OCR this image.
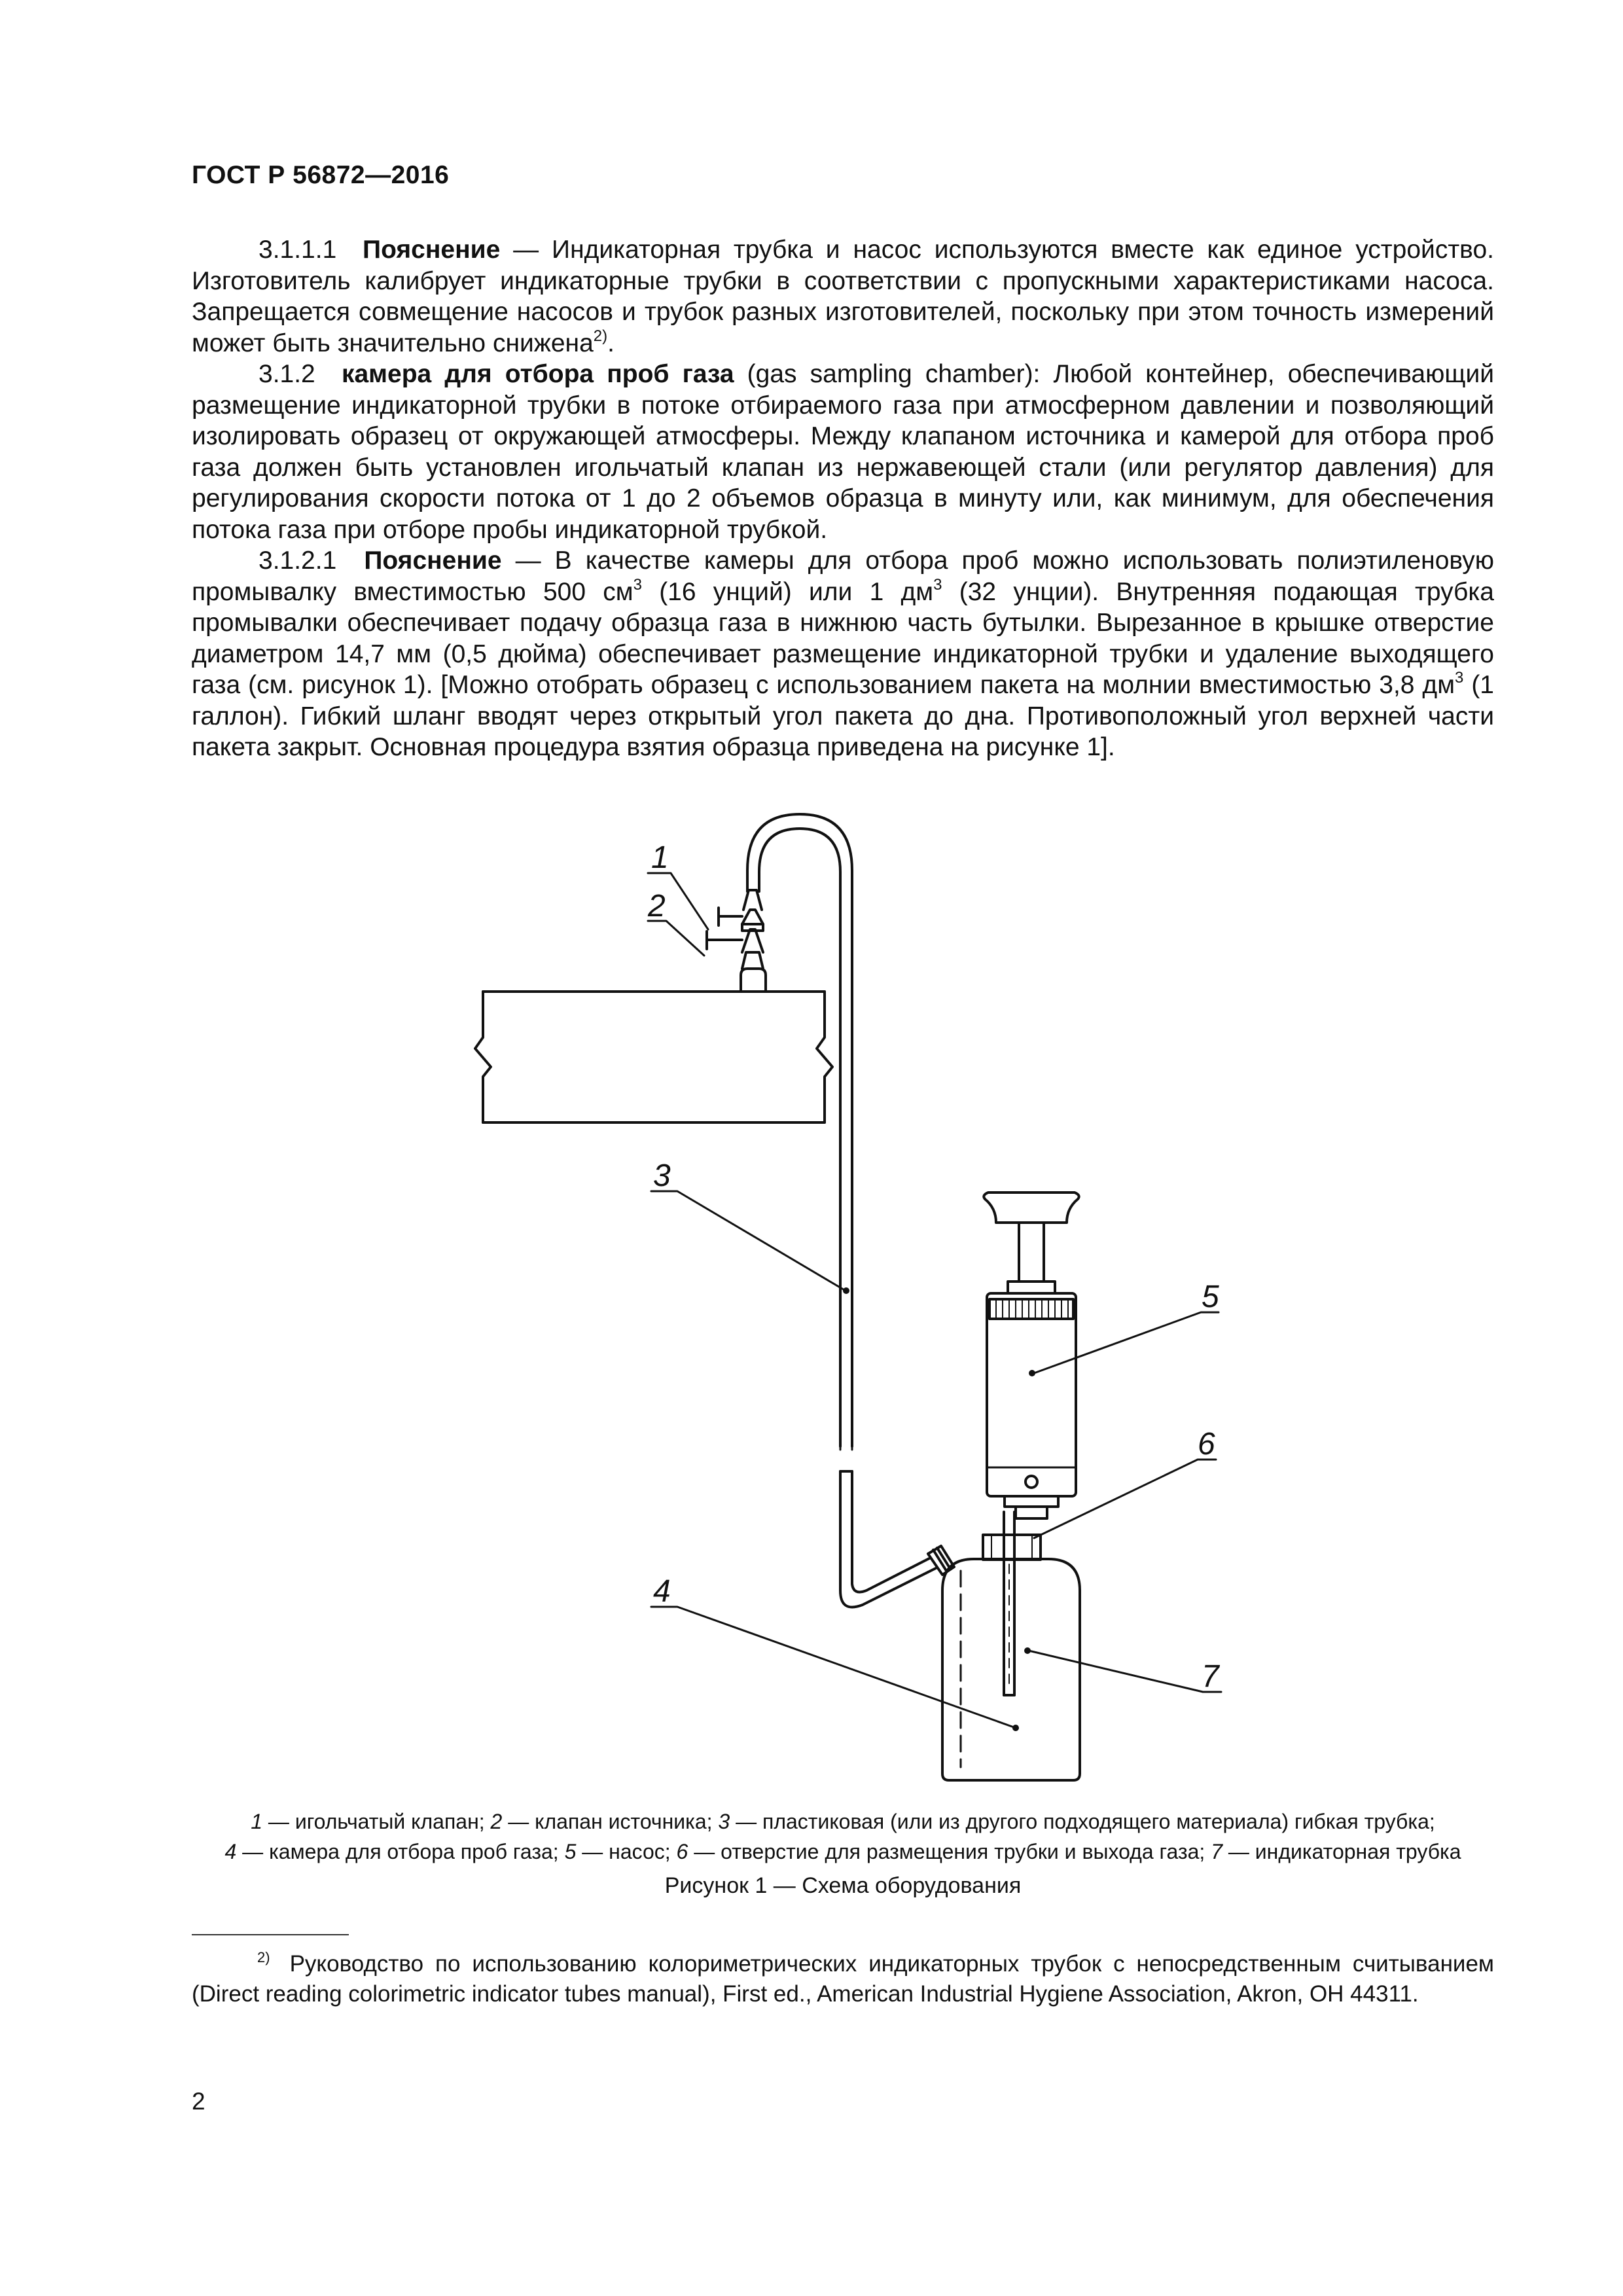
ГОСТ Р 56872—2016

3.1.1.1 Пояснение — Индикаторная трубка и насос используются вместе как единое устройство. Изготовитель калибрует индикаторные трубки в соответствии с пропускными характеристиками насоса. Запрещается совмещение насосов и трубок разных изготовителей, поскольку при этом точность измерений может быть значительно снижена$^{2)}$.

3.1.2 камера для отбора проб газа (gas sampling chamber): Любой контейнер, обеспечивающий размещение индикаторной трубки в потоке отбираемого газа при атмосферном давлении и позволяющий изолировать образец от окружающей атмосферы. Между клапаном источника и камерой для отбора проб газа должен быть установлен игольчатый клапан из нержавеющей стали (или регулятор давления) для регулирования скорости потока от 1 до 2 объемов образца в минуту или, как минимум, для обеспечения потока газа при отборе пробы индикаторной трубкой.

3.1.2.1 Пояснение — В качестве камеры для отбора проб можно использовать полиэтиленовую промывалку вместимостью 500 $см^3$ (16 унций) или 1 $дм^3$ (32 унции). Внутренняя подающая трубка промывалки обеспечивает подачу образца газа в нижнюю часть бутылки. Вырезанное в крышке отверстие диаметром 14,7 мм (0,5 дюйма) обеспечивает размещение индикаторной трубки и удаление выходящего газа (см. рисунок 1). [Можно отобрать образец с использованием пакета на молнии вместимостью 3,8 $дм^3$ (1 галлон). Гибкий шланг вводят через открытый угол пакета до дна. Противоположный угол верхней части пакета закрыт. Основная процедура взятия образца приведена на рисунке 1].

1
2
3
4
5
6
7
1 — игольчатый клапан; 2 — клапан источника; 3 — пластиковая (или из другого подходящего материала) гибкая трубка;
4 — камера для отбора проб газа; 5 — насос; 6 — отверстие для размещения трубки и выхода газа; 7 — индикаторная трубка
Рисунок 1 — Схема оборудования
$^{2)}$ Руководство по использованию колориметрических индикаторных трубок с непосредственным считыванием (Direct reading colorimetric indicator tubes manual), First ed., American Industrial Hygiene Association, Akron, OH 44311.
2
